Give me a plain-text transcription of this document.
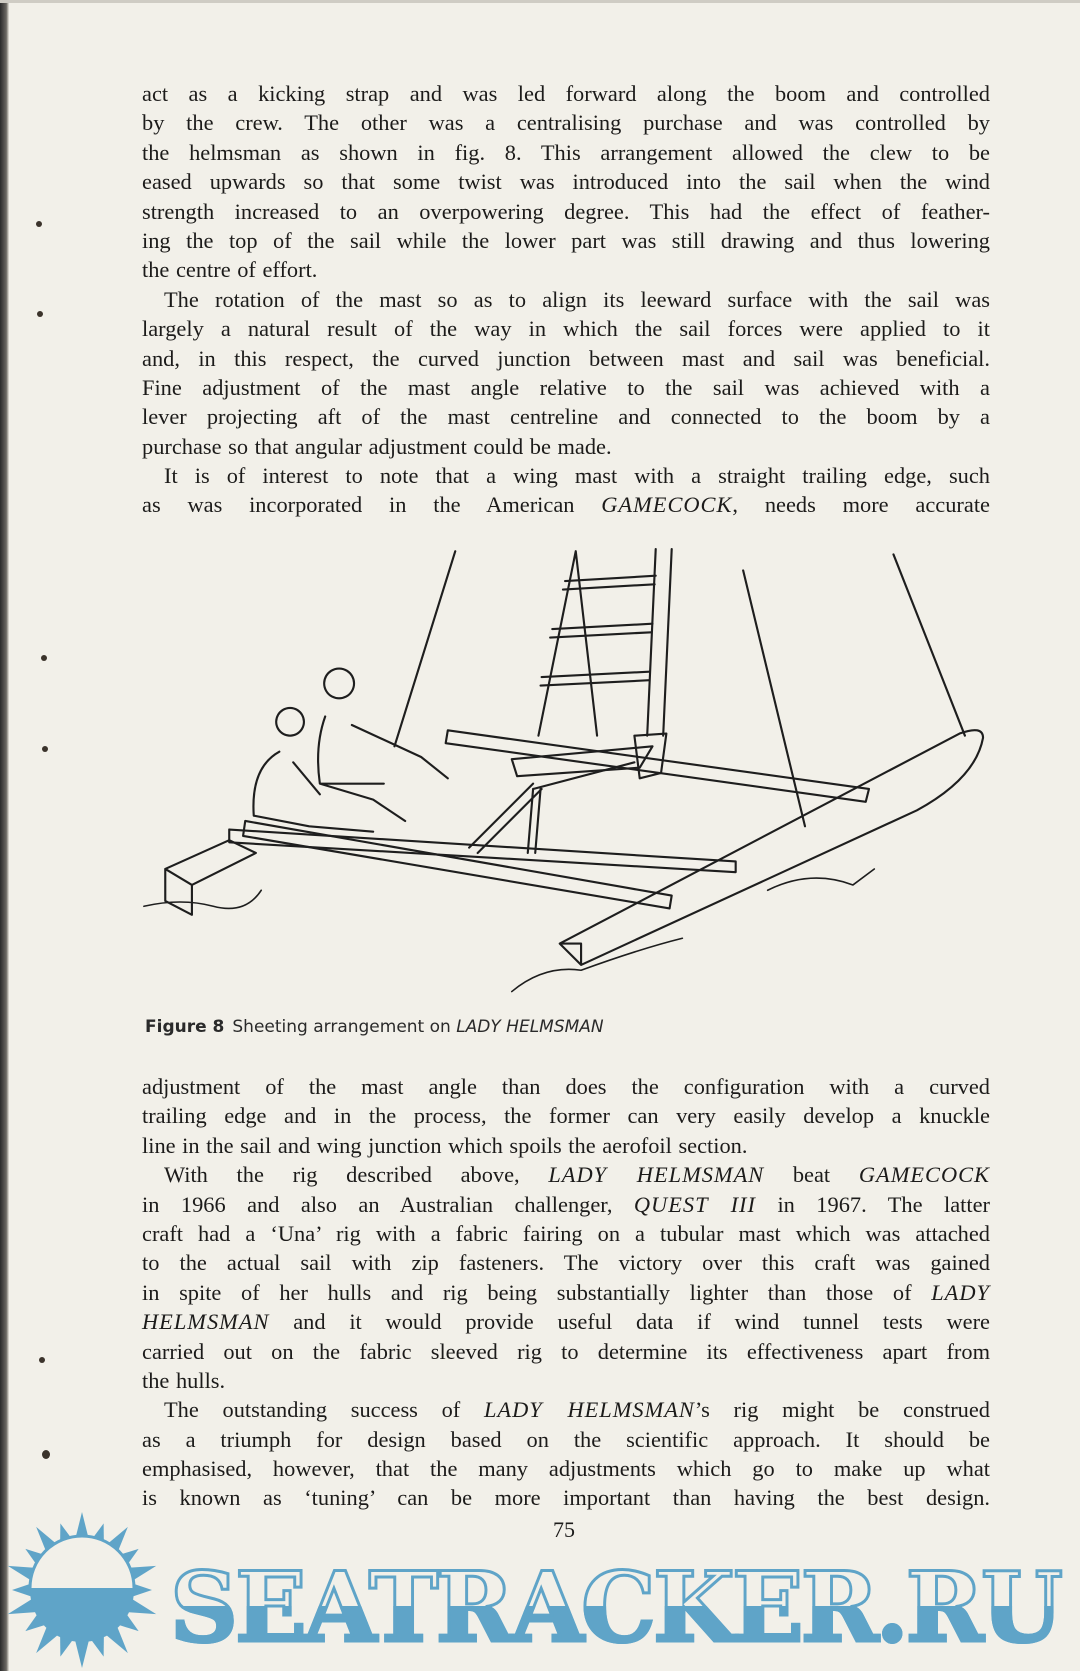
act as a kicking strap and was led forward along the boom and controlled
by the crew. The other was a centralising purchase and was controlled by
the helmsman as shown in fig. 8. This arrangement allowed the clew to be
eased upwards so that some twist was introduced into the sail when the wind
strength increased to an overpowering degree. This had the effect of feather-
ing the top of the sail while the lower part was still drawing and thus lowering
the centre of effort.
The rotation of the mast so as to align its leeward surface with the sail was
largely a natural result of the way in which the sail forces were applied to it
and, in this respect, the curved junction between mast and sail was beneficial.
Fine adjustment of the mast angle relative to the sail was achieved with a
lever projecting aft of the mast centreline and connected to the boom by a
purchase so that angular adjustment could be made.
It is of interest to note that a wing mast with a straight trailing edge, such
as was incorporated in the American GAMECOCK, needs more accurate
Figure 8 Sheeting arrangement on LADY HELMSMAN
adjustment of the mast angle than does the configuration with a curved
trailing edge and in the process, the former can very easily develop a knuckle
line in the sail and wing junction which spoils the aerofoil section.
With the rig described above, LADY HELMSMAN beat GAMECOCK
in 1966 and also an Australian challenger, QUEST III in 1967. The latter
craft had a ‘Una’ rig with a fabric fairing on a tubular mast which was attached
to the actual sail with zip fasteners. The victory over this craft was gained
in spite of her hulls and rig being substantially lighter than those of LADY
HELMSMAN and it would provide useful data if wind tunnel tests were
carried out on the fabric sleeved rig to determine its effectiveness apart from
the hulls.
The outstanding success of LADY HELMSMAN’s rig might be construed
as a triumph for design based on the scientific approach. It should be
emphasised, however, that the many adjustments which go to make up what
is known as ‘tuning’ can be more important than having the best design.
SEATRACKER.RU
75
